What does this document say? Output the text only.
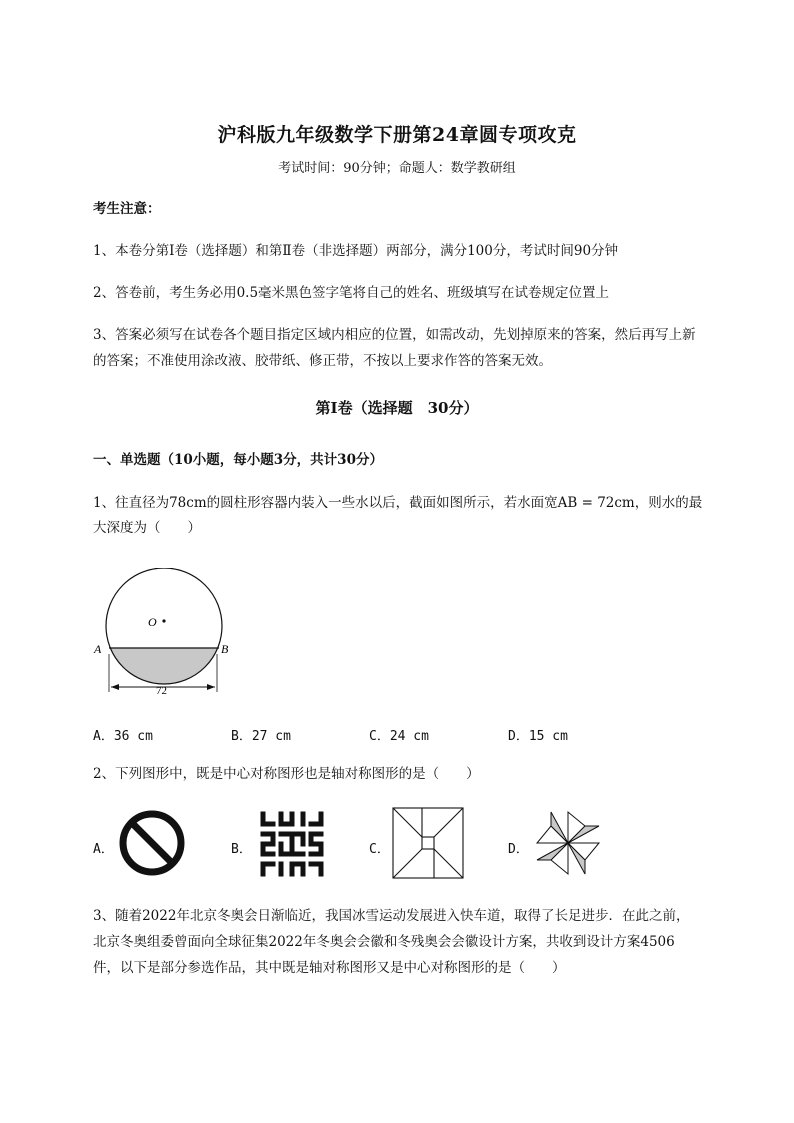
沪科版九年级数学下册第24章圆专项攻克
考试时间：90分钟；命题人：数学教研组
考生注意：
1、本卷分第I卷（选择题）和第Ⅱ卷（非选择题）两部分，满分100分，考试时间90分钟
2、答卷前，考生务必用0.5毫米黑色签字笔将自己的姓名、班级填写在试卷规定位置上
3、答案必须写在试卷各个题目指定区域内相应的位置，如需改动，先划掉原来的答案，然后再写上新
的答案；不准使用涂改液、胶带纸、修正带，不按以上要求作答的答案无效。
第I卷（选择题　30分）
一、单选题（10小题，每小题3分，共计30分）
1、往直径为78cm的圆柱形容器内装入一些水以后，截面如图所示，若水面宽AB = 72cm，则水的最
大深度为（　　）
O
A	B
72
A．36 cm	B．27 cm	C．24 cm	D．15 cm
2、下列图形中，既是中心对称图形也是轴对称图形的是（　　）
A．	B．	C．	D．
3、随着2022年北京冬奥会日渐临近，我国冰雪运动发展进入快车道，取得了长足进步．在此之前，
北京冬奥组委曾面向全球征集2022年冬奥会会徽和冬残奥会会徽设计方案，共收到设计方案4506
件，以下是部分参选作品，其中既是轴对称图形又是中心对称图形的是（　　）
